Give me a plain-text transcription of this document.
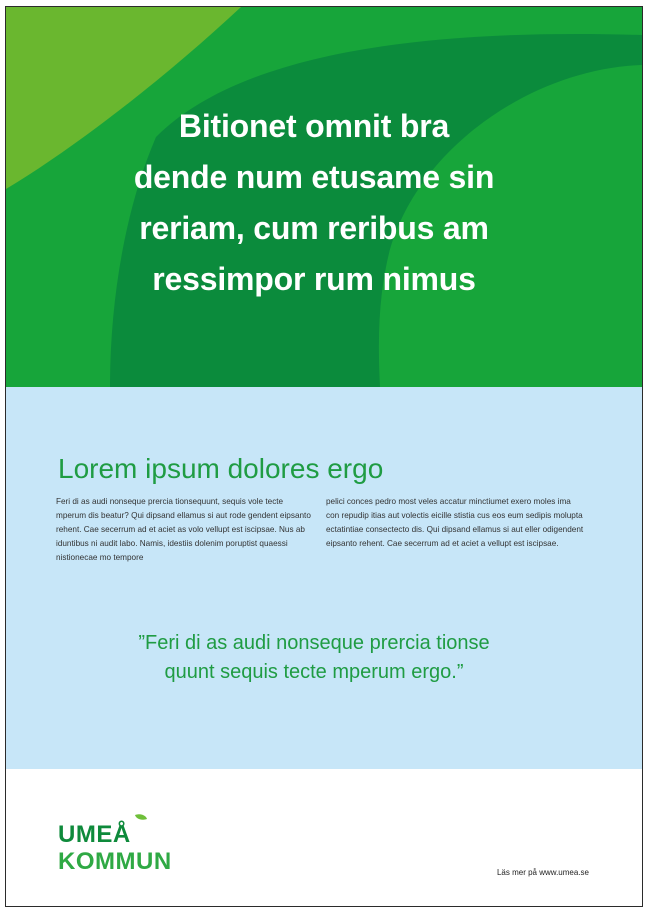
Bitionet omnit bra
dende num etusame sin
reriam, cum reribus am
ressimpor rum nimus
Lorem ipsum dolores ergo

Feri di as audi nonseque prercia tionsequunt, sequis vole tecte mperum dis beatur? Qui dipsand ellamus si aut rode gendent eipsanto rehent. Cae secerrum ad et aciet as volo vellupt est iscipsae. Nus ab iduntibus ni audit labo. Namis, idestiis dolenim poruptist quaessi nistionecae mo tempore

pelici conces pedro most veles accatur minctiumet exero moles ima con repudip itias aut volectis eicille stistia cus eos eum sedipis molupta ectatintiae consectecto dis. Qui dipsand ellamus si aut eller odigendent eipsanto rehent. Cae secerrum ad et aciet a vellupt est iscipsae.

”Feri di as audi nonseque prercia tionse
quunt sequis tecte mperum ergo.”

UMEÅ
KOMMUN	Läs mer på www.umea.se
